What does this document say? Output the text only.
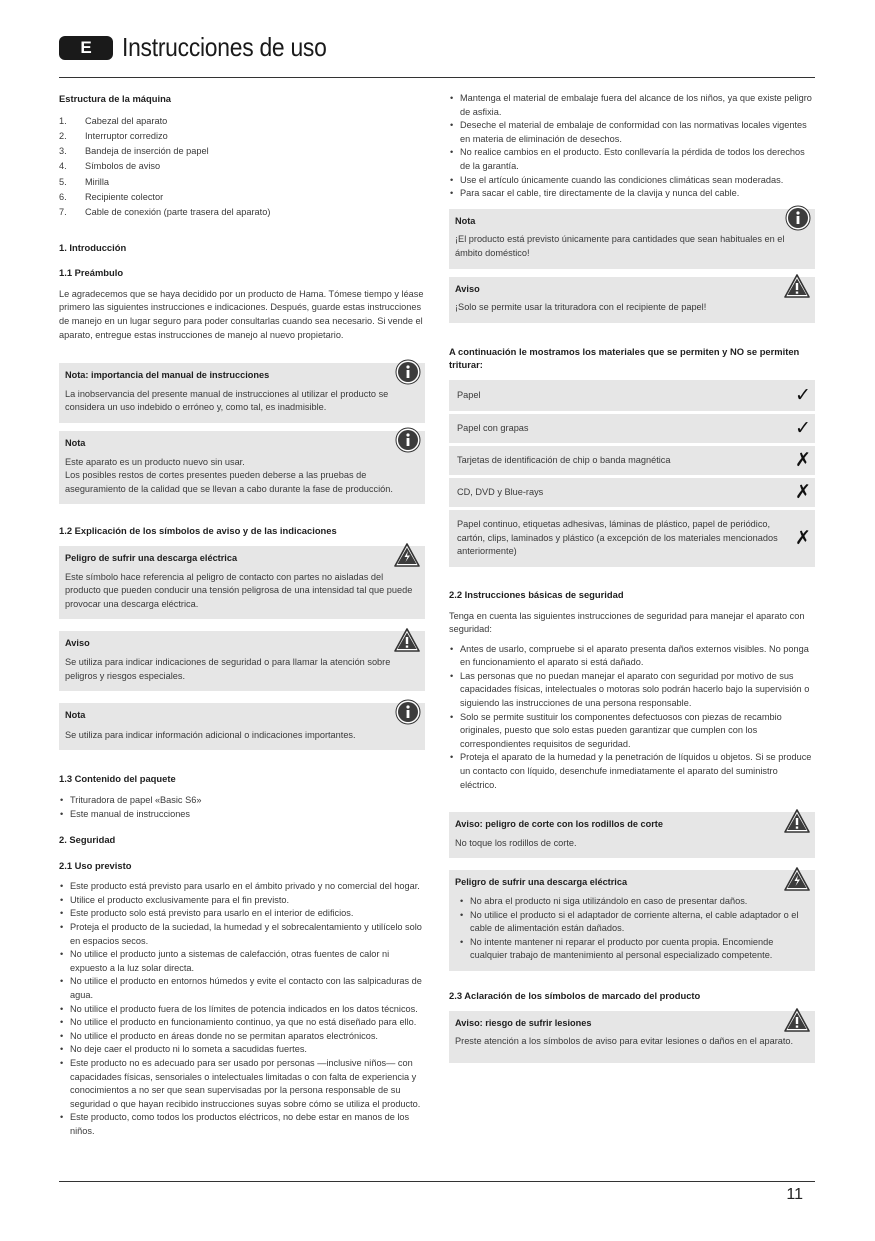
E	Instrucciones de uso
Estructura de la máquina
1.	Cabezal del aparato
2.	Interruptor corredizo
3.	Bandeja de inserción de papel
4.	Símbolos de aviso
5.	Mirilla
6.	Recipiente colector
7.	Cable de conexión (parte trasera del aparato)
1. Introducción
1.1 Preámbulo

Le agradecemos que se haya decidido por un producto de Hama. Tómese tiempo y léase primero las siguientes instrucciones e indicaciones. Después, guarde estas instrucciones de manejo en un lugar seguro para poder consultarlas cuando sea necesario. Si vende el aparato, entregue estas instrucciones de manejo al nuevo propietario.

Nota: importancia del manual de instrucciones

La inobservancia del presente manual de instrucciones al utilizar el producto se considera un uso indebido o erróneo y, como tal, es inadmisible.

Nota

Este aparato es un producto nuevo sin usar.

Los posibles restos de cortes presentes pueden deberse a las pruebas de aseguramiento de la calidad que se llevan a cabo durante la fase de producción.

1.2 Explicación de los símbolos de aviso y de las indicaciones
Peligro de sufrir una descarga eléctrica

Este símbolo hace referencia al peligro de contacto con partes no aisladas del producto que pueden conducir una tensión peligrosa de una intensidad tal que puede provocar una descarga eléctrica.

Aviso

Se utiliza para indicar indicaciones de seguridad o para llamar la atención sobre peligros y riesgos especiales.

Nota

Se utiliza para indicar información adicional o indicaciones importantes.

1.3 Contenido del paquete
• Trituradora de papel «Basic S6»
• Este manual de instrucciones
2. Seguridad
2.1 Uso previsto
• Este producto está previsto para usarlo en el ámbito privado y no comercial del hogar.
• Utilice el producto exclusivamente para el fin previsto.
• Este producto solo está previsto para usarlo en el interior de edificios.
• Proteja el producto de la suciedad, la humedad y el sobrecalentamiento y utilícelo solo en espacios secos.
• No utilice el producto junto a sistemas de calefacción, otras fuentes de calor ni expuesto a la luz solar directa.
• No utilice el producto en entornos húmedos y evite el contacto con las salpicaduras de agua.
• No utilice el producto fuera de los límites de potencia indicados en los datos técnicos.
• No utilice el producto en funcionamiento continuo, ya que no está diseñado para ello.
• No utilice el producto en áreas donde no se permitan aparatos electrónicos.
• No deje caer el producto ni lo someta a sacudidas fuertes.
• Este producto no es adecuado para ser usado por personas —inclusive niños— con capacidades físicas, sensoriales o intelectuales limitadas o con falta de experiencia y conocimientos a no ser que sean supervisadas por la persona responsable de su seguridad o que hayan recibido instrucciones suyas sobre cómo se utiliza el producto.
• Este producto, como todos los productos eléctricos, no debe estar en manos de los niños.
• Mantenga el material de embalaje fuera del alcance de los niños, ya que existe peligro de asfixia.
• Deseche el material de embalaje de conformidad con las normativas locales vigentes en materia de eliminación de desechos.
• No realice cambios en el producto. Esto conllevaría la pérdida de todos los derechos de la garantía.
• Use el artículo únicamente cuando las condiciones climáticas sean moderadas.
• Para sacar el cable, tire directamente de la clavija y nunca del cable.
Nota

¡El producto está previsto únicamente para cantidades que sean habituales en el ámbito doméstico!

Aviso

¡Solo se permite usar la trituradora con el recipiente de papel!

A continuación le mostramos los materiales que se permiten y NO se permiten triturar:
Papel	✓
Papel con grapas	✓
Tarjetas de identificación de chip o banda magnética	✗
CD, DVD y Blue-rays	✗
Papel continuo, etiquetas adhesivas, láminas de plástico, papel de periódico, cartón, clips, laminados y plástico (a excepción de los materiales mencionados anteriormente)	✗
2.2 Instrucciones básicas de seguridad

Tenga en cuenta las siguientes instrucciones de seguridad para manejar el aparato con seguridad:

• Antes de usarlo, compruebe si el aparato presenta daños externos visibles. No ponga en funcionamiento el aparato si está dañado.
• Las personas que no puedan manejar el aparato con seguridad por motivo de sus capacidades físicas, intelectuales o motoras solo podrán hacerlo bajo la supervisión o siguiendo las instrucciones de una persona responsable.
• Solo se permite sustituir los componentes defectuosos con piezas de recambio originales, puesto que solo estas pueden garantizar que cumplen con los correspondientes requisitos de seguridad.
• Proteja el aparato de la humedad y la penetración de líquidos u objetos. Si se produce un contacto con líquido, desenchufe inmediatamente el aparato del suministro eléctrico.
Aviso: peligro de corte con los rodillos de corte

No toque los rodillos de corte.

Peligro de sufrir una descarga eléctrica
• No abra el producto ni siga utilizándolo en caso de presentar daños.
• No utilice el producto si el adaptador de corriente alterna, el cable adaptador o el cable de alimentación están dañados.
• No intente mantener ni reparar el producto por cuenta propia. Encomiende cualquier trabajo de mantenimiento al personal especializado competente.
2.3 Aclaración de los símbolos de marcado del producto
Aviso: riesgo de sufrir lesiones

Preste atención a los símbolos de aviso para evitar lesiones o daños en el aparato.

11
